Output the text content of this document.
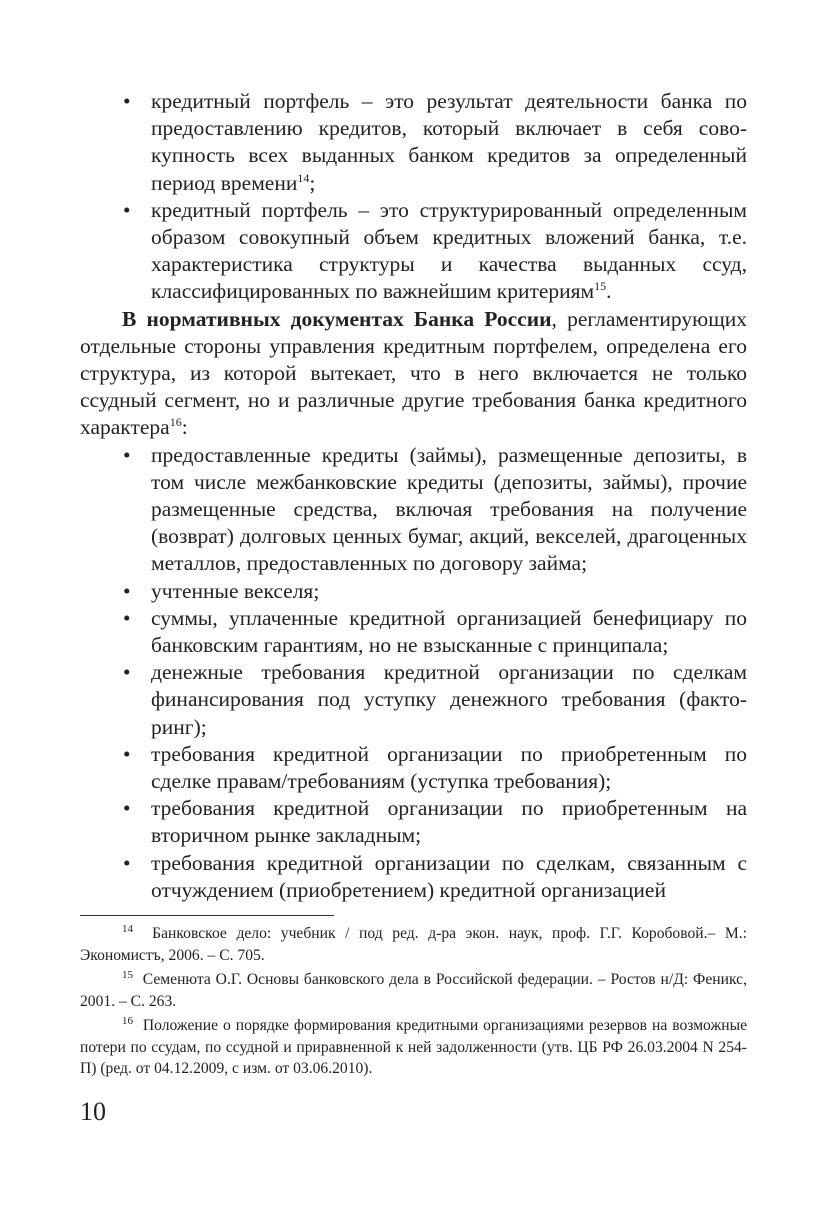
• кредитный портфель – это результат деятельности банка по предоставлению кредитов, который включает в себя совокупность всех выданных банком кредитов за определенный период времени$^{14}$;
• кредитный портфель – это структурированный определенным образом совокупный объем кредитных вложений банка, т.е. характеристика структуры и качества выданных ссуд, классифицированных по важнейшим критериям$^{15}$.

В нормативных документах Банка России, регламентирующих отдельные стороны управления кредитным портфелем, определена его структура, из которой вытекает, что в него включается не только ссудный сегмент, но и различные другие требования банка кредитного характера$^{16}$:

• предоставленные кредиты (займы), размещенные депозиты, в том числе межбанковские кредиты (депозиты, займы), прочие размещенные средства, включая требования на получение (возврат) долговых ценных бумаг, акций, векселей, драгоценных металлов, предоставленных по договору займа;
• учтенные векселя;
• суммы, уплаченные кредитной организацией бенефициару по банковским гарантиям, но не взысканные с принципала;
• денежные требования кредитной организации по сделкам финансирования под уступку денежного требования (факторинг);
• требования кредитной организации по приобретенным по сделке правам/требованиям (уступка требования);
• требования кредитной организации по приобретенным на вторичном рынке закладным;
• требования кредитной организации по сделкам, связанным с отчуждением (приобретением) кредитной организацией

$^{14}$ Банковское дело: учебник / под ред. д-ра экон. наук, проф. Г.Г. Коробовой.– М.: Экономистъ, 2006. – С. 705.

$^{15}$ Семенюта О.Г. Основы банковского дела в Российской федерации. – Ростов н/Д: Феникс, 2001. – С. 263.

$^{16}$ Положение о порядке формирования кредитными организациями резервов на возможные потери по ссудам, по ссудной и приравненной к ней задолженности (утв. ЦБ РФ 26.03.2004 N 254-П) (ред. от 04.12.2009, с изм. от 03.06.2010).

10
